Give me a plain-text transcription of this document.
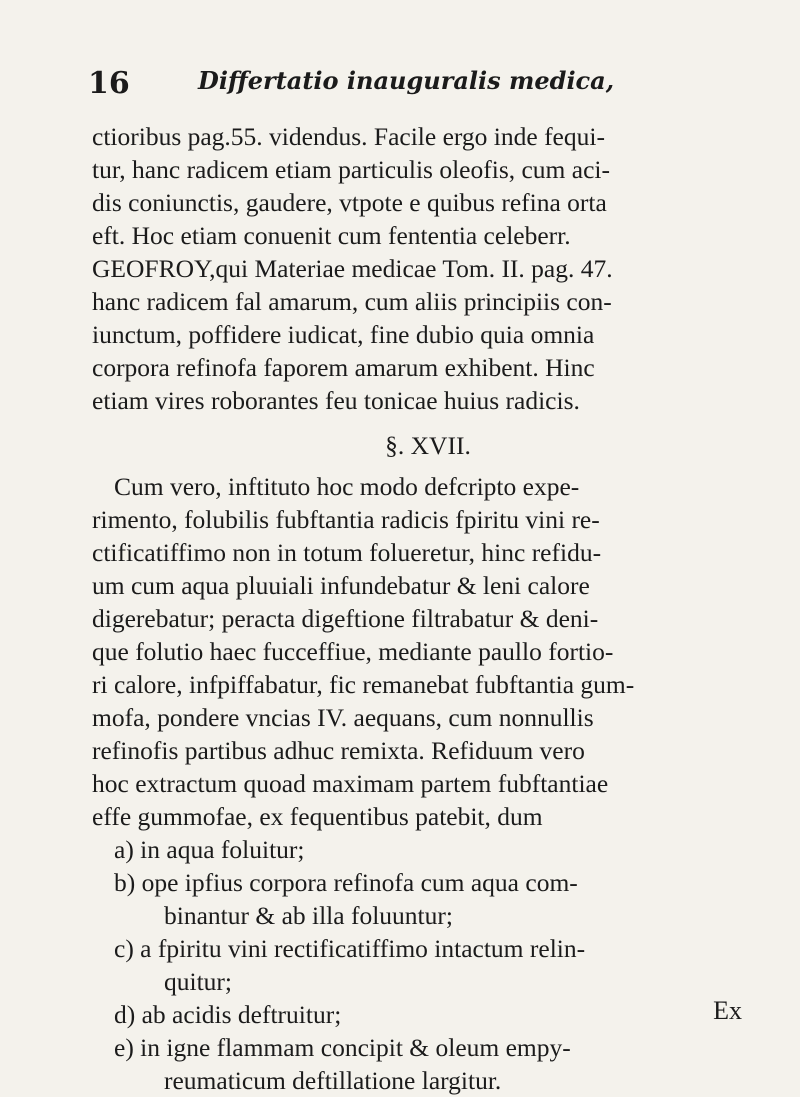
16	Differtatio inauguralis medica,
ctioribus pag.55. videndus. Facile ergo inde fequi-
tur, hanc radicem etiam particulis oleofis, cum aci-
dis coniunctis, gaudere, vtpote e quibus refina orta
eft. Hoc etiam conuenit cum fententia celeberr.
GEOFROY,qui Materiae medicae Tom. II. pag. 47.
hanc radicem fal amarum, cum aliis principiis con-
iunctum, poffidere iudicat, fine dubio quia omnia
corpora refinofa faporem amarum exhibent. Hinc
etiam vires roborantes feu tonicae huius radicis.
§. XVII.
Cum vero, inftituto hoc modo defcripto expe-
rimento, folubilis fubftantia radicis fpiritu vini re-
ctificatiffimo non in totum folueretur, hinc refidu-
um cum aqua pluuiali infundebatur & leni calore
digerebatur; peracta digeftione filtrabatur & deni-
que folutio haec fucceffiue, mediante paullo fortio-
ri calore, infpiffabatur, fic remanebat fubftantia gum-
mofa, pondere vncias IV. aequans, cum nonnullis
refinofis partibus adhuc remixta. Refiduum vero
hoc extractum quoad maximam partem fubftantiae
effe gummofae, ex fequentibus patebit, dum
a) in aqua foluitur;
b) ope ipfius corpora refinofa cum aqua com-
binantur & ab illa foluuntur;
c) a fpiritu vini rectificatiffimo intactum relin-
quitur;
d) ab acidis deftruitur;
e) in igne flammam concipit & oleum empy-
reumaticum deftillatione largitur.
Ex
